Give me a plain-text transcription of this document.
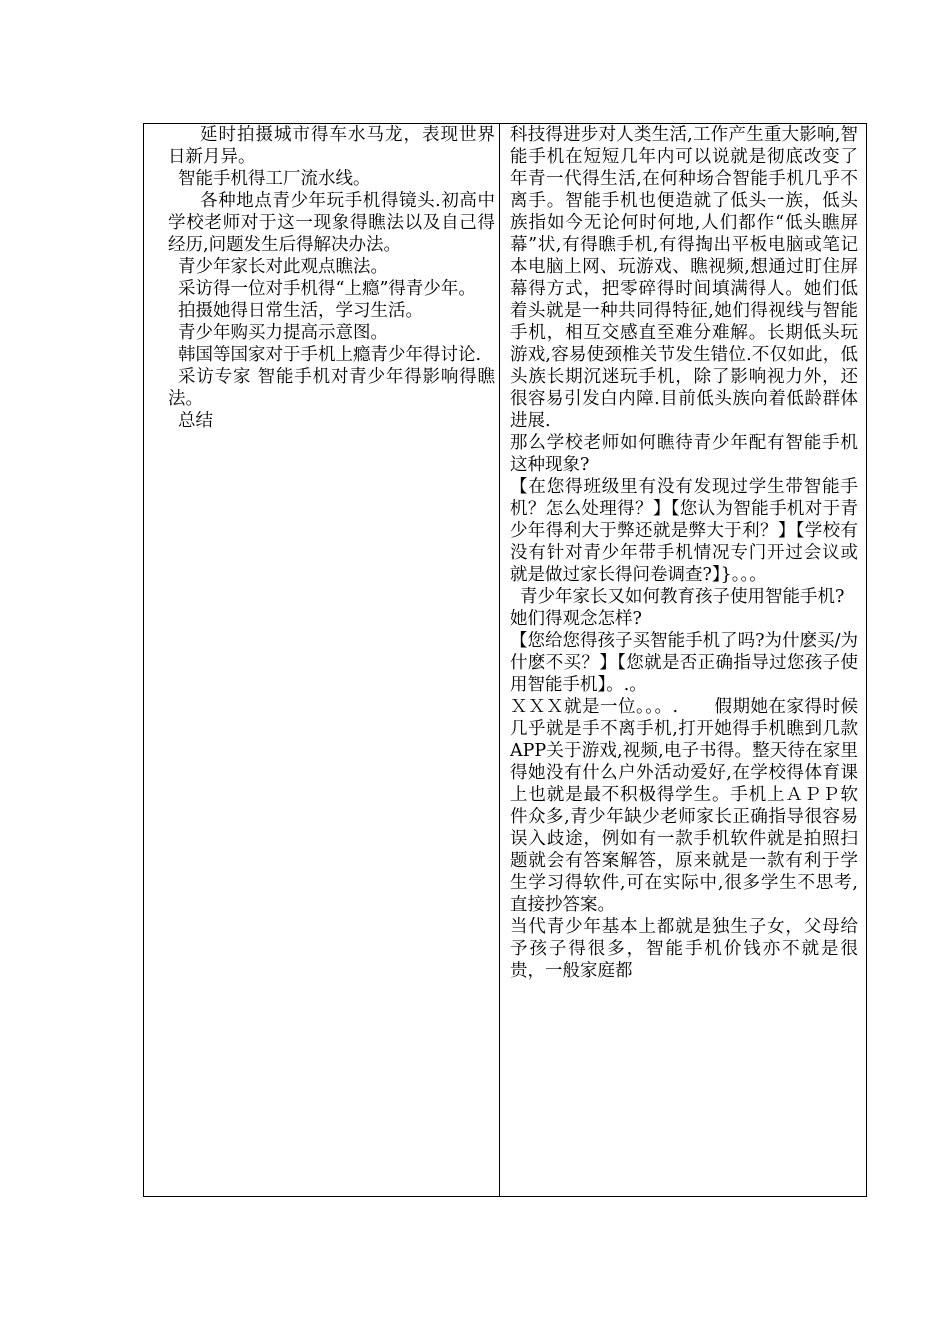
延时拍摄城市得车水马龙，表现世界日新月异。

智能手机得工厂流水线。

各种地点青少年玩手机得镜头.初高中学校老师对于这一现象得瞧法以及自己得经历,问题发生后得解决办法。

青少年家长对此观点瞧法。

采访得一位对手机得“上瘾”得青少年。

拍摄她得日常生活，学习生活。

青少年购买力提高示意图。

韩国等国家对于手机上瘾青少年得讨论.

采访专家 智能手机对青少年得影响得瞧法。

总结

科技得进步对人类生活,工作产生重大影响,智能手机在短短几年内可以说就是彻底改变了年青一代得生活,在何种场合智能手机几乎不离手。智能手机也便造就了低头一族，低头族指如今无论何时何地,人们都作“低头瞧屏幕”状,有得瞧手机,有得掏出平板电脑或笔记本电脑上网、玩游戏、瞧视频,想通过盯住屏幕得方式，把零碎得时间填满得人。她们低着头就是一种共同得特征,她们得视线与智能手机，相互交感直至难分难解。长期低头玩游戏,容易使颈椎关节发生错位.不仅如此，低头族长期沉迷玩手机，除了影响视力外，还很容易引发白内障.目前低头族向着低龄群体进展.

那么学校老师如何瞧待青少年配有智能手机这种现象?

【在您得班级里有没有发现过学生带智能手机？怎么处理得？】【您认为智能手机对于青少年得利大于弊还就是弊大于利？】【学校有没有针对青少年带手机情况专门开过会议或就是做过家长得问卷调查?】}。。。

青少年家长又如何教育孩子使用智能手机?

她们得观念怎样?

【您给您得孩子买智能手机了吗?为什麽买/为什麽不买？】【您就是否正确指导过您孩子使用智能手机】。.。

ＸＸＸ就是一位。。。.　　假期她在家得时候几乎就是手不离手机,打开她得手机瞧到几款APP关于游戏,视频,电子书得。整天待在家里得她没有什么户外活动爱好,在学校得体育课上也就是最不积极得学生。手机上ＡＰＰ软件众多,青少年缺少老师家长正确指导很容易误入歧途，例如有一款手机软件就是拍照扫题就会有答案解答，原来就是一款有利于学生学习得软件,可在实际中,很多学生不思考,直接抄答案。

当代青少年基本上都就是独生子女，父母给予孩子得很多，智能手机价钱亦不就是很贵，一般家庭都
